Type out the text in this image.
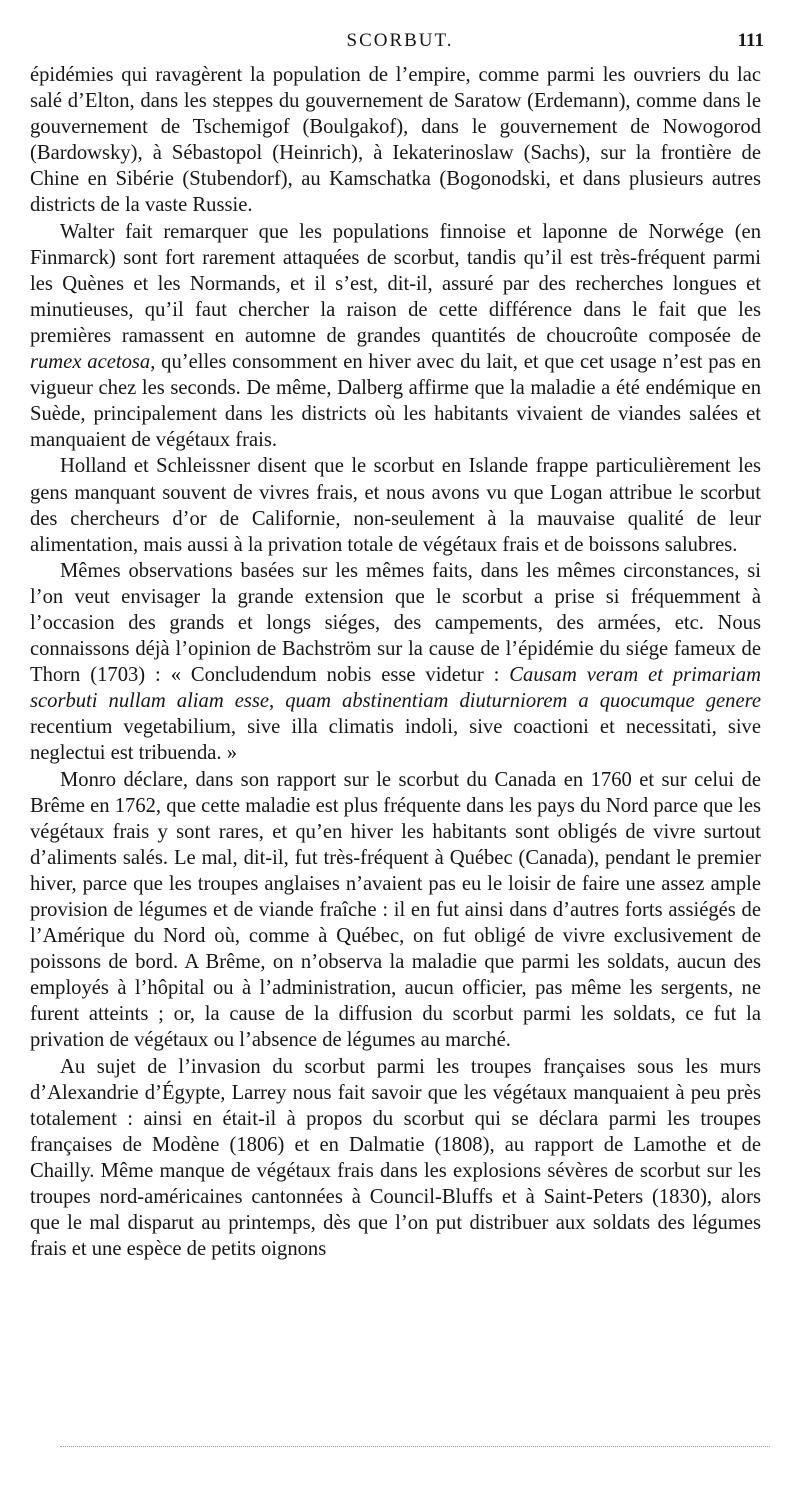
SCORBUT.	111

épidémies qui ravagèrent la population de l’empire, comme parmi les ouvriers du lac salé d’Elton, dans les steppes du gouvernement de Saratow (Erdemann), comme dans le gouvernement de Tschemigof (Boulgakof), dans le gouvernement de Nowogorod (Bardowsky), à Sébastopol (Heinrich), à Iekaterinoslaw (Sachs), sur la frontière de Chine en Sibérie (Stubendorf), au Kamschatka (Bogonodski, et dans plusieurs autres districts de la vaste Russie.

Walter fait remarquer que les populations finnoise et laponne de Norwége (en Finmarck) sont fort rarement attaquées de scorbut, tandis qu’il est très-fréquent parmi les Quènes et les Normands, et il s’est, dit-il, assuré par des recherches longues et minutieuses, qu’il faut chercher la raison de cette différence dans le fait que les premières ramassent en automne de grandes quantités de choucroûte composée de rumex acetosa, qu’elles consomment en hiver avec du lait, et que cet usage n’est pas en vigueur chez les seconds. De même, Dalberg affirme que la maladie a été endémique en Suède, principalement dans les districts où les habitants vivaient de viandes salées et manquaient de végétaux frais.

Holland et Schleissner disent que le scorbut en Islande frappe particulièrement les gens manquant souvent de vivres frais, et nous avons vu que Logan attribue le scorbut des chercheurs d’or de Californie, non-seulement à la mauvaise qualité de leur alimentation, mais aussi à la privation totale de végétaux frais et de boissons salubres.

Mêmes observations basées sur les mêmes faits, dans les mêmes circonstances, si l’on veut envisager la grande extension que le scorbut a prise si fréquemment à l’occasion des grands et longs siéges, des campements, des armées, etc. Nous connaissons déjà l’opinion de Bachström sur la cause de l’épidémie du siége fameux de Thorn (1703) : « Concludendum nobis esse videtur : Causam veram et primariam scorbuti nullam aliam esse, quam abstinentiam diuturniorem a quocumque genere recentium vegetabilium, sive illa climatis indoli, sive coactioni et necessitati, sive neglectui est tribuenda. »

Monro déclare, dans son rapport sur le scorbut du Canada en 1760 et sur celui de Brême en 1762, que cette maladie est plus fréquente dans les pays du Nord parce que les végétaux frais y sont rares, et qu’en hiver les habitants sont obligés de vivre surtout d’aliments salés. Le mal, dit-il, fut très-fréquent à Québec (Canada), pendant le premier hiver, parce que les troupes anglaises n’avaient pas eu le loisir de faire une assez ample provision de légumes et de viande fraîche : il en fut ainsi dans d’autres forts assiégés de l’Amérique du Nord où, comme à Québec, on fut obligé de vivre exclusivement de poissons de bord. A Brême, on n’observa la maladie que parmi les soldats, aucun des employés à l’hôpital ou à l’administration, aucun officier, pas même les sergents, ne furent atteints ; or, la cause de la diffusion du scorbut parmi les soldats, ce fut la privation de végétaux ou l’absence de légumes au marché.

Au sujet de l’invasion du scorbut parmi les troupes françaises sous les murs d’Alexandrie d’Égypte, Larrey nous fait savoir que les végétaux manquaient à peu près totalement : ainsi en était-il à propos du scorbut qui se déclara parmi les troupes françaises de Modène (1806) et en Dalmatie (1808), au rapport de Lamothe et de Chailly. Même manque de végétaux frais dans les explosions sévères de scorbut sur les troupes nord-américaines cantonnées à Council-Bluffs et à Saint-Peters (1830), alors que le mal disparut au printemps, dès que l’on put distribuer aux soldats des légumes frais et une espèce de petits oignons
